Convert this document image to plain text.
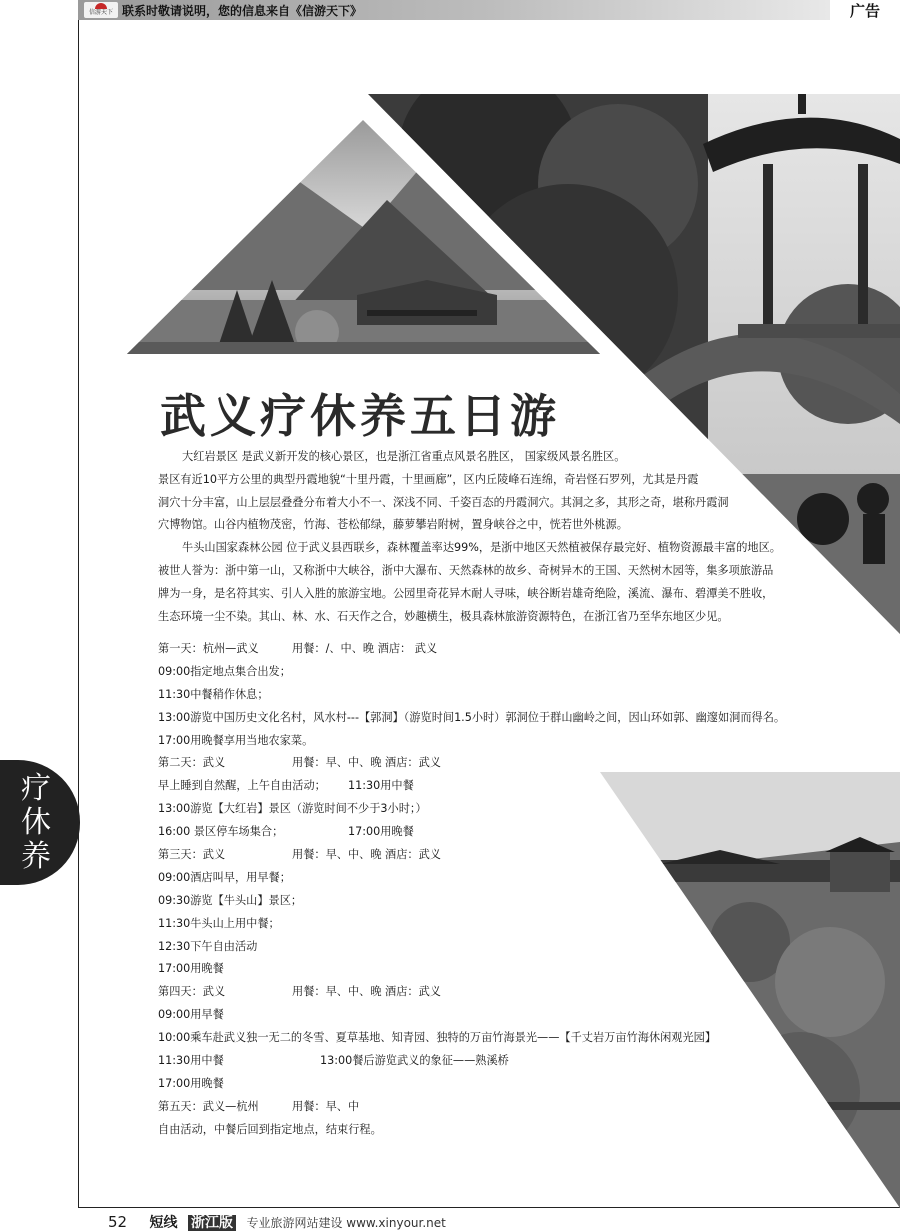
信游天下 联系时敬请说明，您的信息来自《信游天下》	广告
武义疗休养五日游

大红岩景区 是武义新开发的核心景区，也是浙江省重点风景名胜区， 国家级风景名胜区。

景区有近10平方公里的典型丹霞地貌“十里丹霞，十里画廊”，区内丘陵峰石连绵，奇岩怪石罗列，尤其是丹霞

洞穴十分丰富，山上层层叠叠分布着大小不一、深浅不同、千姿百态的丹霞洞穴。其洞之多，其形之奇，堪称丹霞洞

穴博物馆。山谷内植物茂密，竹海、苍松郁绿，藤萝攀岩附树，置身峡谷之中，恍若世外桃源。

牛头山国家森林公园 位于武义县西联乡，森林覆盖率达99%，是浙中地区天然植被保存最完好、植物资源最丰富的地区。

被世人誉为：浙中第一山，又称浙中大峡谷，浙中大瀑布、天然森林的故乡、奇树异木的王国、天然树木园等，集多项旅游品

牌为一身，是名符其实、引人入胜的旅游宝地。公园里奇花异木耐人寻味，峡谷断岩雄奇绝险，溪流、瀑布、碧潭美不胜收，

生态环境一尘不染。其山、林、水、石天作之合，妙趣横生，极具森林旅游资源特色，在浙江省乃至华东地区少见。

第一天：杭州—武义	用餐：/、中、晚 酒店： 武义
09:00指定地点集合出发；
11:30中餐稍作休息；
13:00游览中国历史文化名村，风水村---【郭洞】（游览时间1.5小时）郭洞位于群山幽岭之间，因山环如郭、幽邃如洞而得名。
17:00用晚餐享用当地农家菜。
第二天：武义	用餐：早、中、晚 酒店：武义
早上睡到自然醒，上午自由活动； 11:30用中餐
13:00游览【大红岩】景区（游览时间不少于3小时；）
16:00 景区停车场集合；	17:00用晚餐
第三天：武义	用餐：早、中、晚 酒店：武义
09:00酒店叫早，用早餐；
09:30游览【牛头山】景区；
11:30牛头山上用中餐；
12:30下午自由活动
17:00用晚餐
第四天：武义	用餐：早、中、晚 酒店：武义
09:00用早餐
10:00乘车赴武义独一无二的冬雪、夏草基地、知青园、独特的万亩竹海景光——【千丈岩万亩竹海休闲观光园】
11:30用中餐	13:00餐后游览武义的象征——熟溪桥
17:00用晚餐
第五天：武义—杭州	用餐：早、中
自由活动，中餐后回到指定地点，结束行程。
疗
休
养
52 短线 浙江版 专业旅游网站建设 www.xinyour.net
